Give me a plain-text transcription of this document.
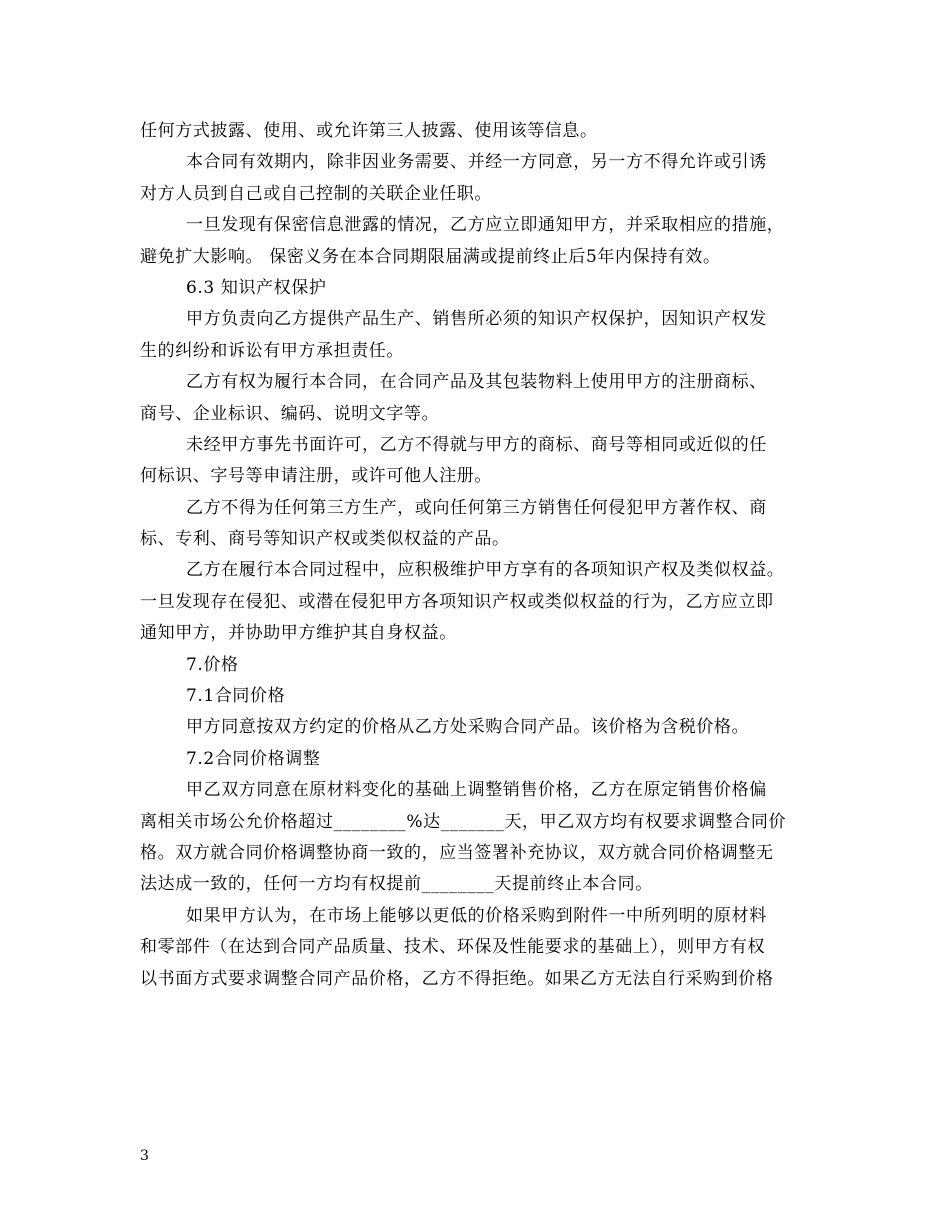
任何方式披露、使用、或允许第三人披露、使用该等信息。
本合同有效期内，除非因业务需要、并经一方同意，另一方不得允许或引诱
对方人员到自己或自己控制的关联企业任职。
一旦发现有保密信息泄露的情况，乙方应立即通知甲方，并采取相应的措施，
避免扩大影响。 保密义务在本合同期限届满或提前终止后5年内保持有效。
6.3 知识产权保护
甲方负责向乙方提供产品生产、销售所必须的知识产权保护，因知识产权发
生的纠纷和诉讼有甲方承担责任。
乙方有权为履行本合同，在合同产品及其包装物料上使用甲方的注册商标、
商号、企业标识、编码、说明文字等。
未经甲方事先书面许可，乙方不得就与甲方的商标、商号等相同或近似的任
何标识、字号等申请注册，或许可他人注册。
乙方不得为任何第三方生产，或向任何第三方销售任何侵犯甲方著作权、商
标、专利、商号等知识产权或类似权益的产品。
乙方在履行本合同过程中，应积极维护甲方享有的各项知识产权及类似权益。
一旦发现存在侵犯、或潜在侵犯甲方各项知识产权或类似权益的行为，乙方应立即
通知甲方，并协助甲方维护其自身权益。
7.价格
7.1合同价格
甲方同意按双方约定的价格从乙方处采购合同产品。该价格为含税价格。
7.2合同价格调整
甲乙双方同意在原材料变化的基础上调整销售价格，乙方在原定销售价格偏
离相关市场公允价格超过________%达_______天，甲乙双方均有权要求调整合同价
格。双方就合同价格调整协商一致的，应当签署补充协议，双方就合同价格调整无
法达成一致的，任何一方均有权提前________天提前终止本合同。
如果甲方认为，在市场上能够以更低的价格采购到附件一中所列明的原材料
和零部件（在达到合同产品质量、技术、环保及性能要求的基础上），则甲方有权
以书面方式要求调整合同产品价格，乙方不得拒绝。如果乙方无法自行采购到价格
3
